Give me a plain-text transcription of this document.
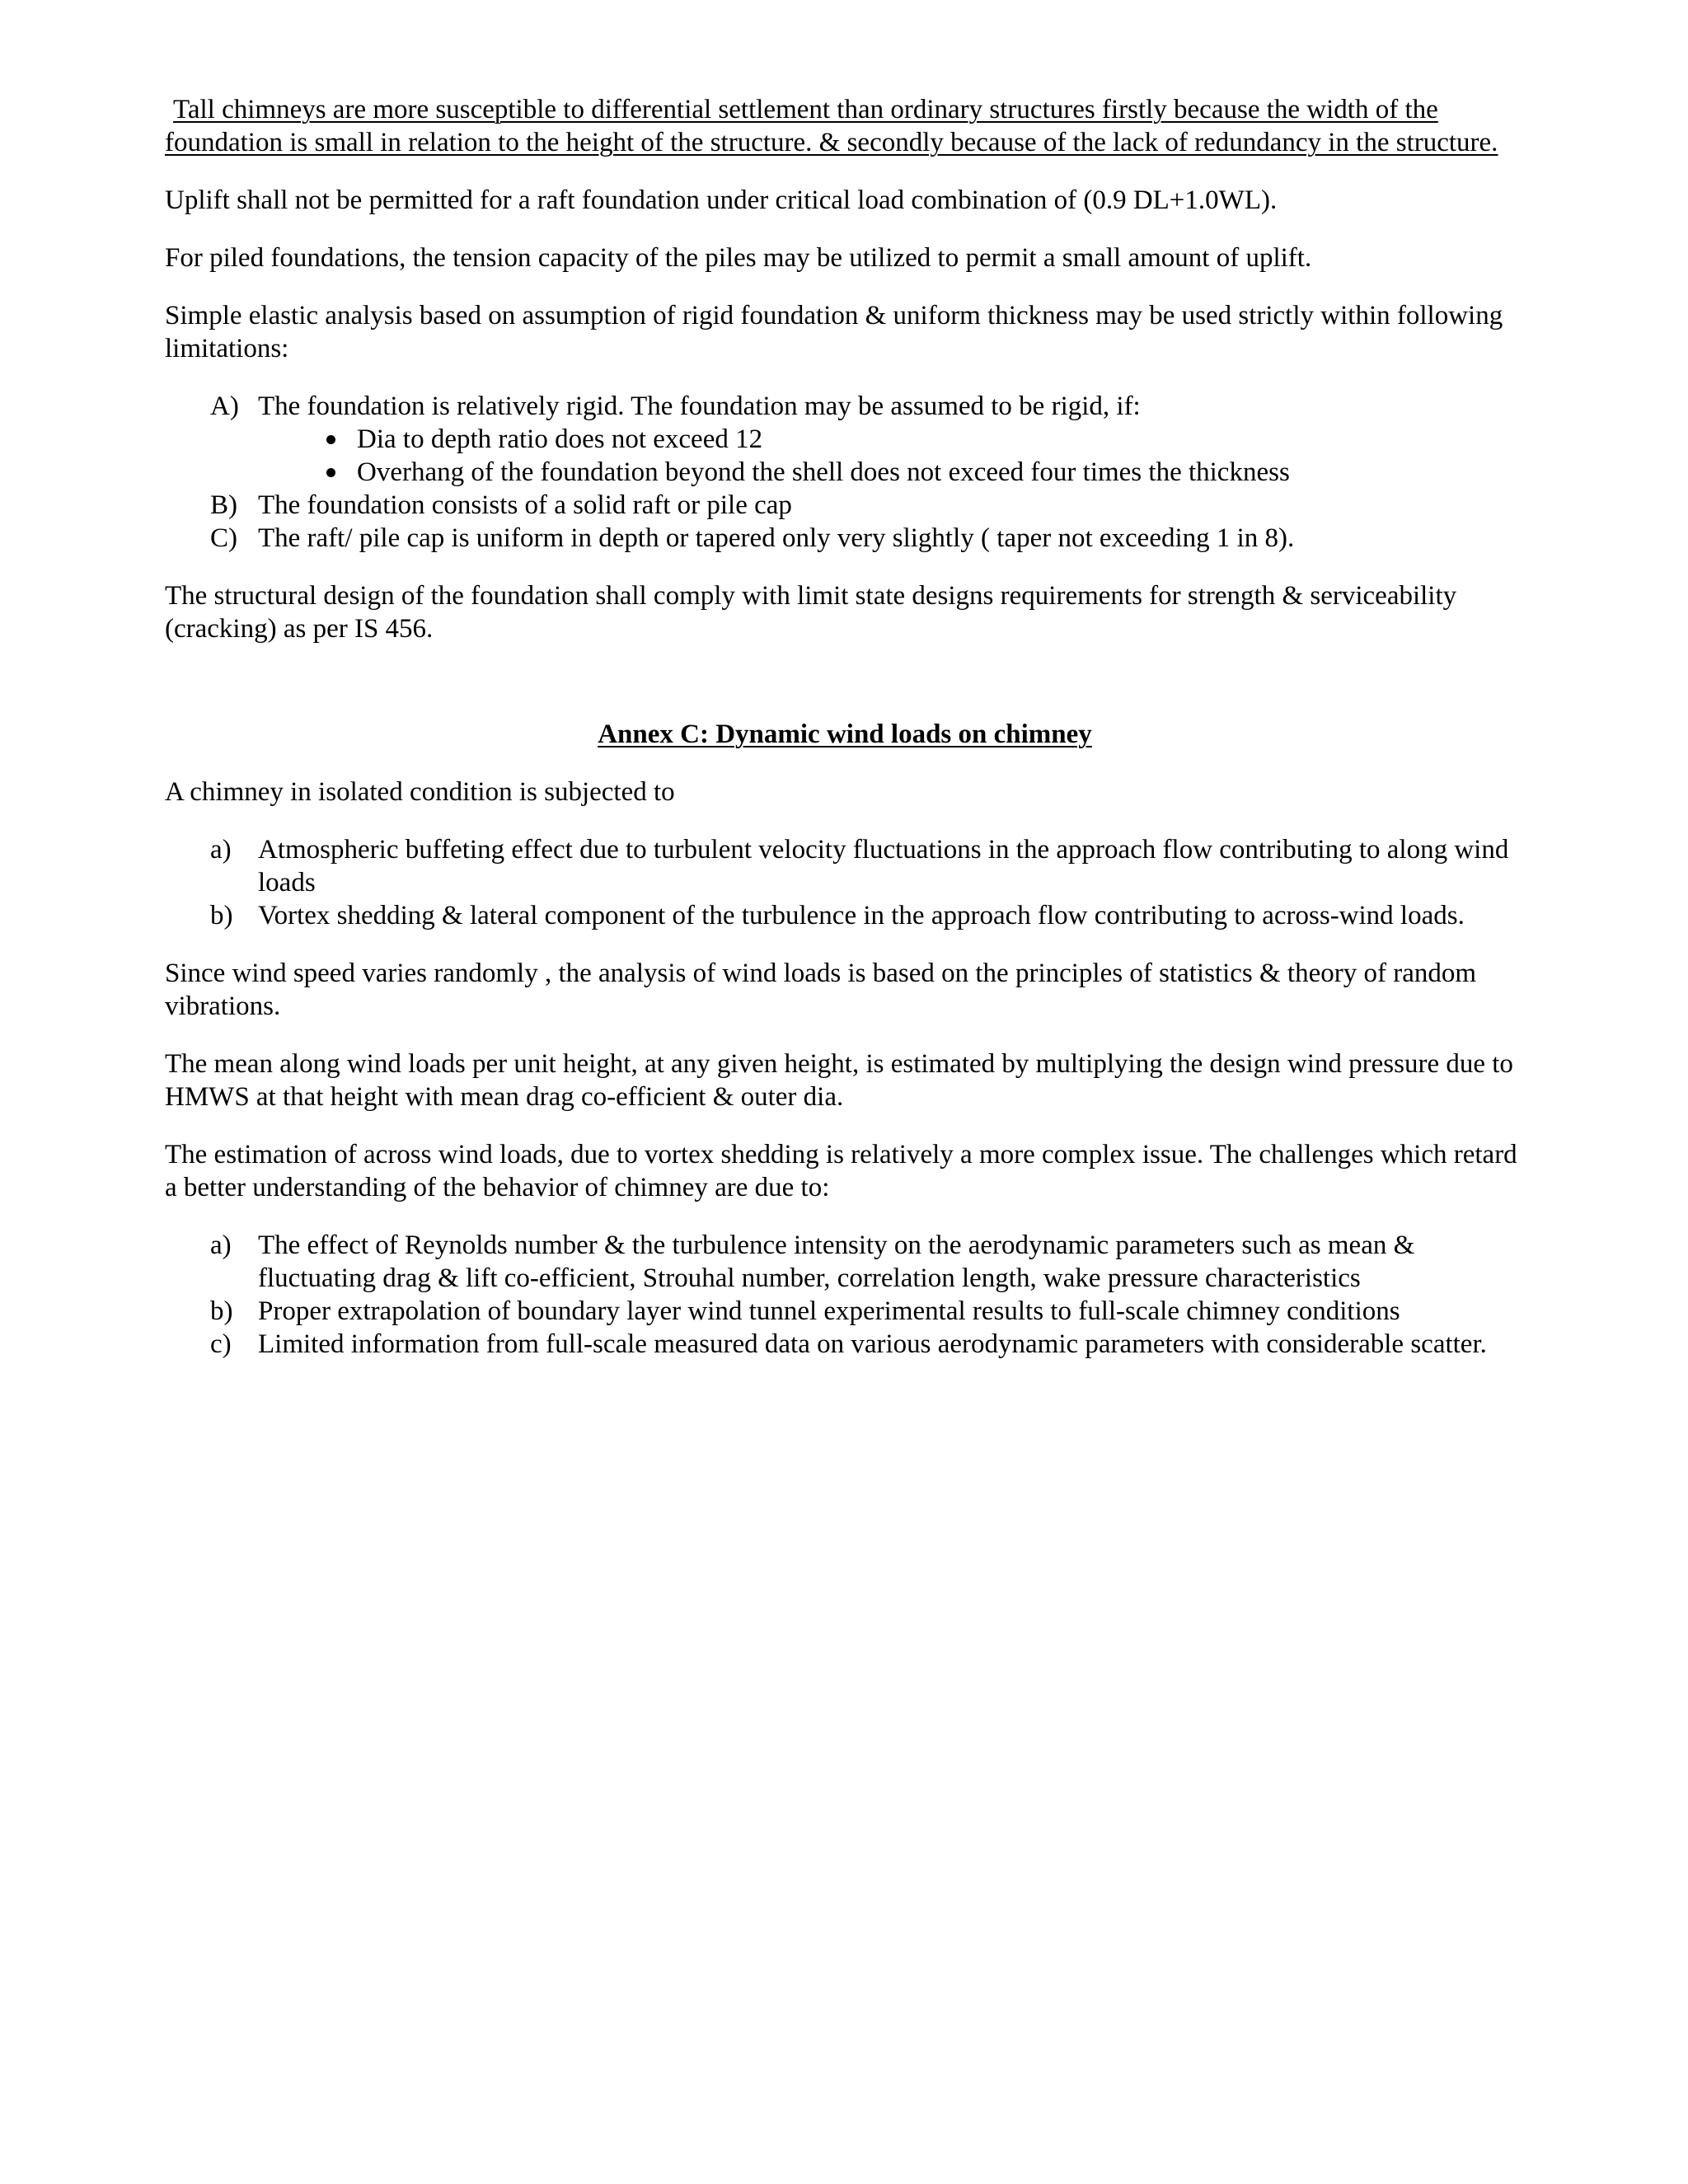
Tall chimneys are more susceptible to differential settlement than ordinary structures firstly because the width of the foundation is small in relation to the height of the structure. & secondly because of the lack of redundancy in the structure.

Uplift shall not be permitted for a raft foundation under critical load combination of (0.9 DL+1.0WL).

For piled foundations, the tension capacity of the piles may be utilized to permit a small amount of uplift.

Simple elastic analysis based on assumption of rigid foundation & uniform thickness may be used strictly within following limitations:

A) The foundation is relatively rigid. The foundation may be assumed to be rigid, if:
Dia to depth ratio does not exceed 12
Overhang of the foundation beyond the shell does not exceed four times the thickness
B) The foundation consists of a solid raft or pile cap
C) The raft/ pile cap is uniform in depth or tapered only very slightly ( taper not exceeding 1 in 8).

The structural design of the foundation shall comply with limit state designs requirements for strength & serviceability (cracking) as per IS 456.

Annex C: Dynamic wind loads on chimney

A chimney in isolated condition is subjected to

a) Atmospheric buffeting effect due to turbulent velocity fluctuations in the approach flow contributing to along wind loads
b) Vortex shedding & lateral component of the turbulence in the approach flow contributing to across-wind loads.

Since wind speed varies randomly , the analysis of wind loads is based on the principles of statistics & theory of random vibrations.

The mean along wind loads per unit height, at any given height, is estimated by multiplying the design wind pressure due to HMWS at that height with mean drag co-efficient & outer dia.

The estimation of across wind loads, due to vortex shedding is relatively a more complex issue. The challenges which retard a better understanding of the behavior of chimney are due to:

a) The effect of Reynolds number & the turbulence intensity on the aerodynamic parameters such as mean & fluctuating drag & lift co-efficient, Strouhal number, correlation length, wake pressure characteristics
b) Proper extrapolation of boundary layer wind tunnel experimental results to full-scale chimney conditions
c) Limited information from full-scale measured data on various aerodynamic parameters with considerable scatter.
